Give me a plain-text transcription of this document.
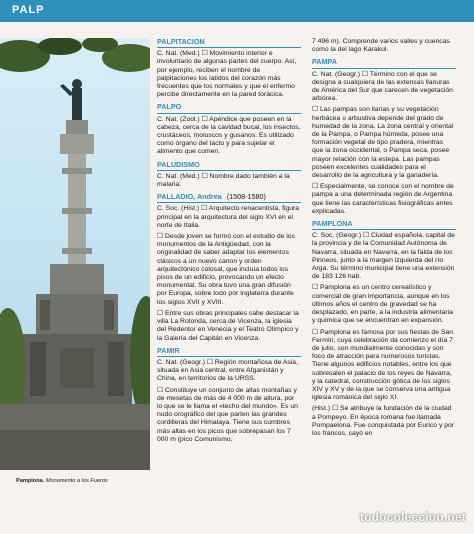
PALP
Pamplona. Monumento a los Fueros
PALPITACION

C. Nat. (Med.) ☐ Movimiento interior e involuntario de algunas partes del cuerpo. Así, por ejemplo, reciben el nombre de palpitaciones los latidos del corazón más frecuentes que los normales y que el enfermo percibe directamente en la pared torácica.

PALPO

C. Nat. (Zool.) ☐ Apéndice que poseen en la cabeza, cerca de la cavidad bucal, los insectos, crustáceos, moluscos y gusanos. Es utilizado como órgano del tacto y para sujetar el alimento que comen.

PALUDISMO

C. Nat. (Med.) ☐ Nombre dado también a la malaria.

PALLADIO, Andrea (1508-1580)

C. Soc. (Hist.) ☐ Arquitecto renacentista, figura principal en la arquitectura del siglo XVI en el norte de Italia.

☐ Desde joven se formó con el estudio de los monumentos de la Antigüedad, con la originalidad de saber adaptar los elementos clásicos a un nuevo canon y orden arquitectónico colosal, que incluía todos los pisos de un edificio, provocando un efecto monumental. Su obra tuvo una gran difusión por Europa, sobre todo por Inglaterra durante los siglos XVII y XVIII.

☐ Entre sus obras principales cabe destacar la villa La Rotonda, cerca de Vicenza, la iglesia del Redentor en Venecia y el Teatro Olímpico y la Galería del Capitán en Vicenza.

PAMIR

C. Nat. (Geogr.) ☐ Región montañosa de Asia, situada en Asia central, entre Afganistán y China, en territorios de la URSS.

☐ Constituye un conjunto de altas montañas y de mesetas de más de 4 000 m de altura, por lo que se le llama el «techo del mundo». Es un nudo orográfico del que parten las grandes cordilleras del Himalaya. Tiene sus cumbres más altas en los picos que sobrepasan los 7 000 m (pico Comunismo,

7 496 m). Comprende varios valles y cuencas como la del lago Karakul.

PAMPA

C. Nat. (Geogr.) ☐ Término con el que se designa a cualquiera de las extensas llanuras de América del Sur que carecen de vegetación arbórea.

☐ Las pampas son llanas y su vegetación herbácea o arbustiva depende del grado de humedad de la zona. La zona central y oriental de la Pampa, o Pampa húmeda, posee una formación vegetal de tipo pradera, mientras que la zona occidental, o Pampa seca, posee mayor relación con la estepa. Las pampas poseen excelentes cualidades para el desarrollo de la agricultura y la ganadería.

☐ Especialmente, se conoce con el nombre de pampa a una determinada región de Argentina que tiene las características fisiográficas antes explicadas.

PAMPLONA

C. Soc. (Geogr.) ☐ Ciudad española, capital de la provincia y de la Comunidad Autónoma de Navarra, situada en Navarra, en la falda de los Pirineos, junto a la margen izquierda del río Arga. Su término municipal tiene una extensión de 183 126 hab.

☐ Pamplona es un centro cerealístico y comercial de gran importancia, aunque en los últimos años el centro de gravedad se ha desplazado, en parte, a la industria alimentaria y química que se encuentran en expansión.

☐ Pamplona es famosa por sus fiestas de San Fermín, cuya celebración da comienzo el día 7 de julio, son mundialmente conocidas y son foco de atracción para numerosos turistas. Tiene algunos edificios notables, entre los que sobresalen el palacio de los reyes de Navarra, y la catedral, construcción gótica de los siglos XIV y XV y de la que se conserva una antigua iglesia románica del siglo XI.

(Hist.) ☐ Se atribuye la fundación de la ciudad a Pompeyo. En época romana fue llamada Pompaelona. Fue conquistada por Eurico y por los francos, cayó en

todocoleccion.net
